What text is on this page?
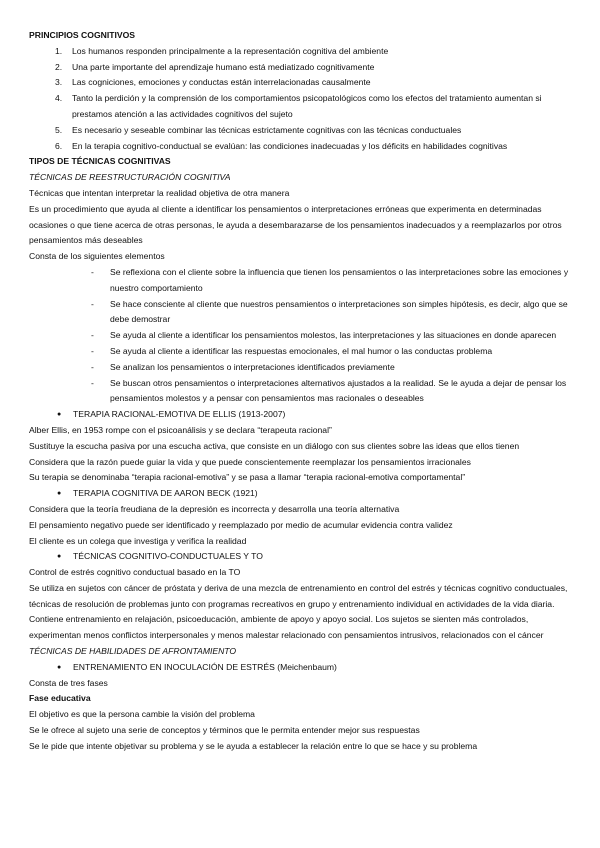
PRINCIPIOS COGNITIVOS

1. Los humanos responden principalmente a la representación cognitiva del ambiente
2. Una parte importante del aprendizaje humano está mediatizado cognitivamente
3. Las cogniciones, emociones y conductas están interrelacionadas causalmente
4. Tanto la perdición y la comprensión de los comportamientos psicopatológicos como los efectos del tratamiento aumentan si prestamos atención a las actividades cognitivos del sujeto
5. Es necesario y seseable combinar las técnicas estrictamente cognitivas con las técnicas conductuales
6. En la terapia cognitivo-conductual se evalúan: las condiciones inadecuadas y los déficits en habilidades cognitivas

TIPOS DE TÉCNICAS COGNITIVAS

TÉCNICAS DE REESTRUCTURACIÓN COGNITIVA

Técnicas que intentan interpretar la realidad objetiva de otra manera

Es un procedimiento que ayuda al cliente a identificar los pensamientos o interpretaciones erróneas que experimenta en determinadas ocasiones o que tiene acerca de otras personas, le ayuda a desembarazarse de los pensamientos inadecuados y a reemplazarlos por otros pensamientos más deseables

Consta de los siguientes elementos

- Se reflexiona con el cliente sobre la influencia que tienen los pensamientos o las interpretaciones sobre las emociones y nuestro comportamiento
- Se hace consciente al cliente que nuestros pensamientos o interpretaciones son simples hipótesis, es decir, algo que se debe demostrar
- Se ayuda al cliente a identificar los pensamientos molestos, las interpretaciones y las situaciones en donde aparecen
- Se ayuda al cliente a identificar las respuestas emocionales, el mal humor o las conductas problema
- Se analizan los pensamientos o interpretaciones identificados previamente
- Se buscan otros pensamientos o interpretaciones alternativos ajustados a la realidad. Se le ayuda a dejar de pensar los pensamientos molestos y a pensar con pensamientos mas racionales o deseables
● TERAPIA RACIONAL-EMOTIVA DE ELLIS (1913-2007)

Alber Ellis, en 1953 rompe con el psicoanálisis y se declara “terapeuta racional”

Sustituye la escucha pasiva por una escucha activa, que consiste en un diálogo con sus clientes sobre las ideas que ellos tienen

Considera que la razón puede guiar la vida y que puede conscientemente reemplazar los pensamientos irracionales

Su terapia se denominaba “terapia racional-emotiva” y se pasa a llamar “terapia racional-emotiva comportamental”

● TERAPIA COGNITIVA DE AARON BECK (1921)

Considera que la teoría freudiana de la depresión es incorrecta y desarrolla una teoría alternativa

El pensamiento negativo puede ser identificado y reemplazado por medio de acumular evidencia contra validez

El cliente es un colega que investiga y verifica la realidad

● TÉCNICAS COGNITIVO-CONDUCTUALES Y TO

Control de estrés cognitivo conductual basado en la TO

Se utiliza en sujetos con cáncer de próstata y deriva de una mezcla de entrenamiento en control del estrés y técnicas cognitivo conductuales, técnicas de resolución de problemas junto con programas recreativos en grupo y entrenamiento individual en actividades de la vida diaria. Contiene entrenamiento en relajación, psicoeducación, ambiente de apoyo y apoyo social. Los sujetos se sienten más controlados, experimentan menos conflictos interpersonales y menos malestar relacionado con pensamientos intrusivos, relacionados con el cáncer

TÉCNICAS DE HABILIDADES DE AFRONTAMIENTO

● ENTRENAMIENTO EN INOCULACIÓN DE ESTRÉS (Meichenbaum)

Consta de tres fases

Fase educativa

El objetivo es que la persona cambie la visión del problema

Se le ofrece al sujeto una serie de conceptos y términos que le permita entender mejor sus respuestas

Se le pide que intente objetivar su problema y se le ayuda a establecer la relación entre lo que se hace y su problema
